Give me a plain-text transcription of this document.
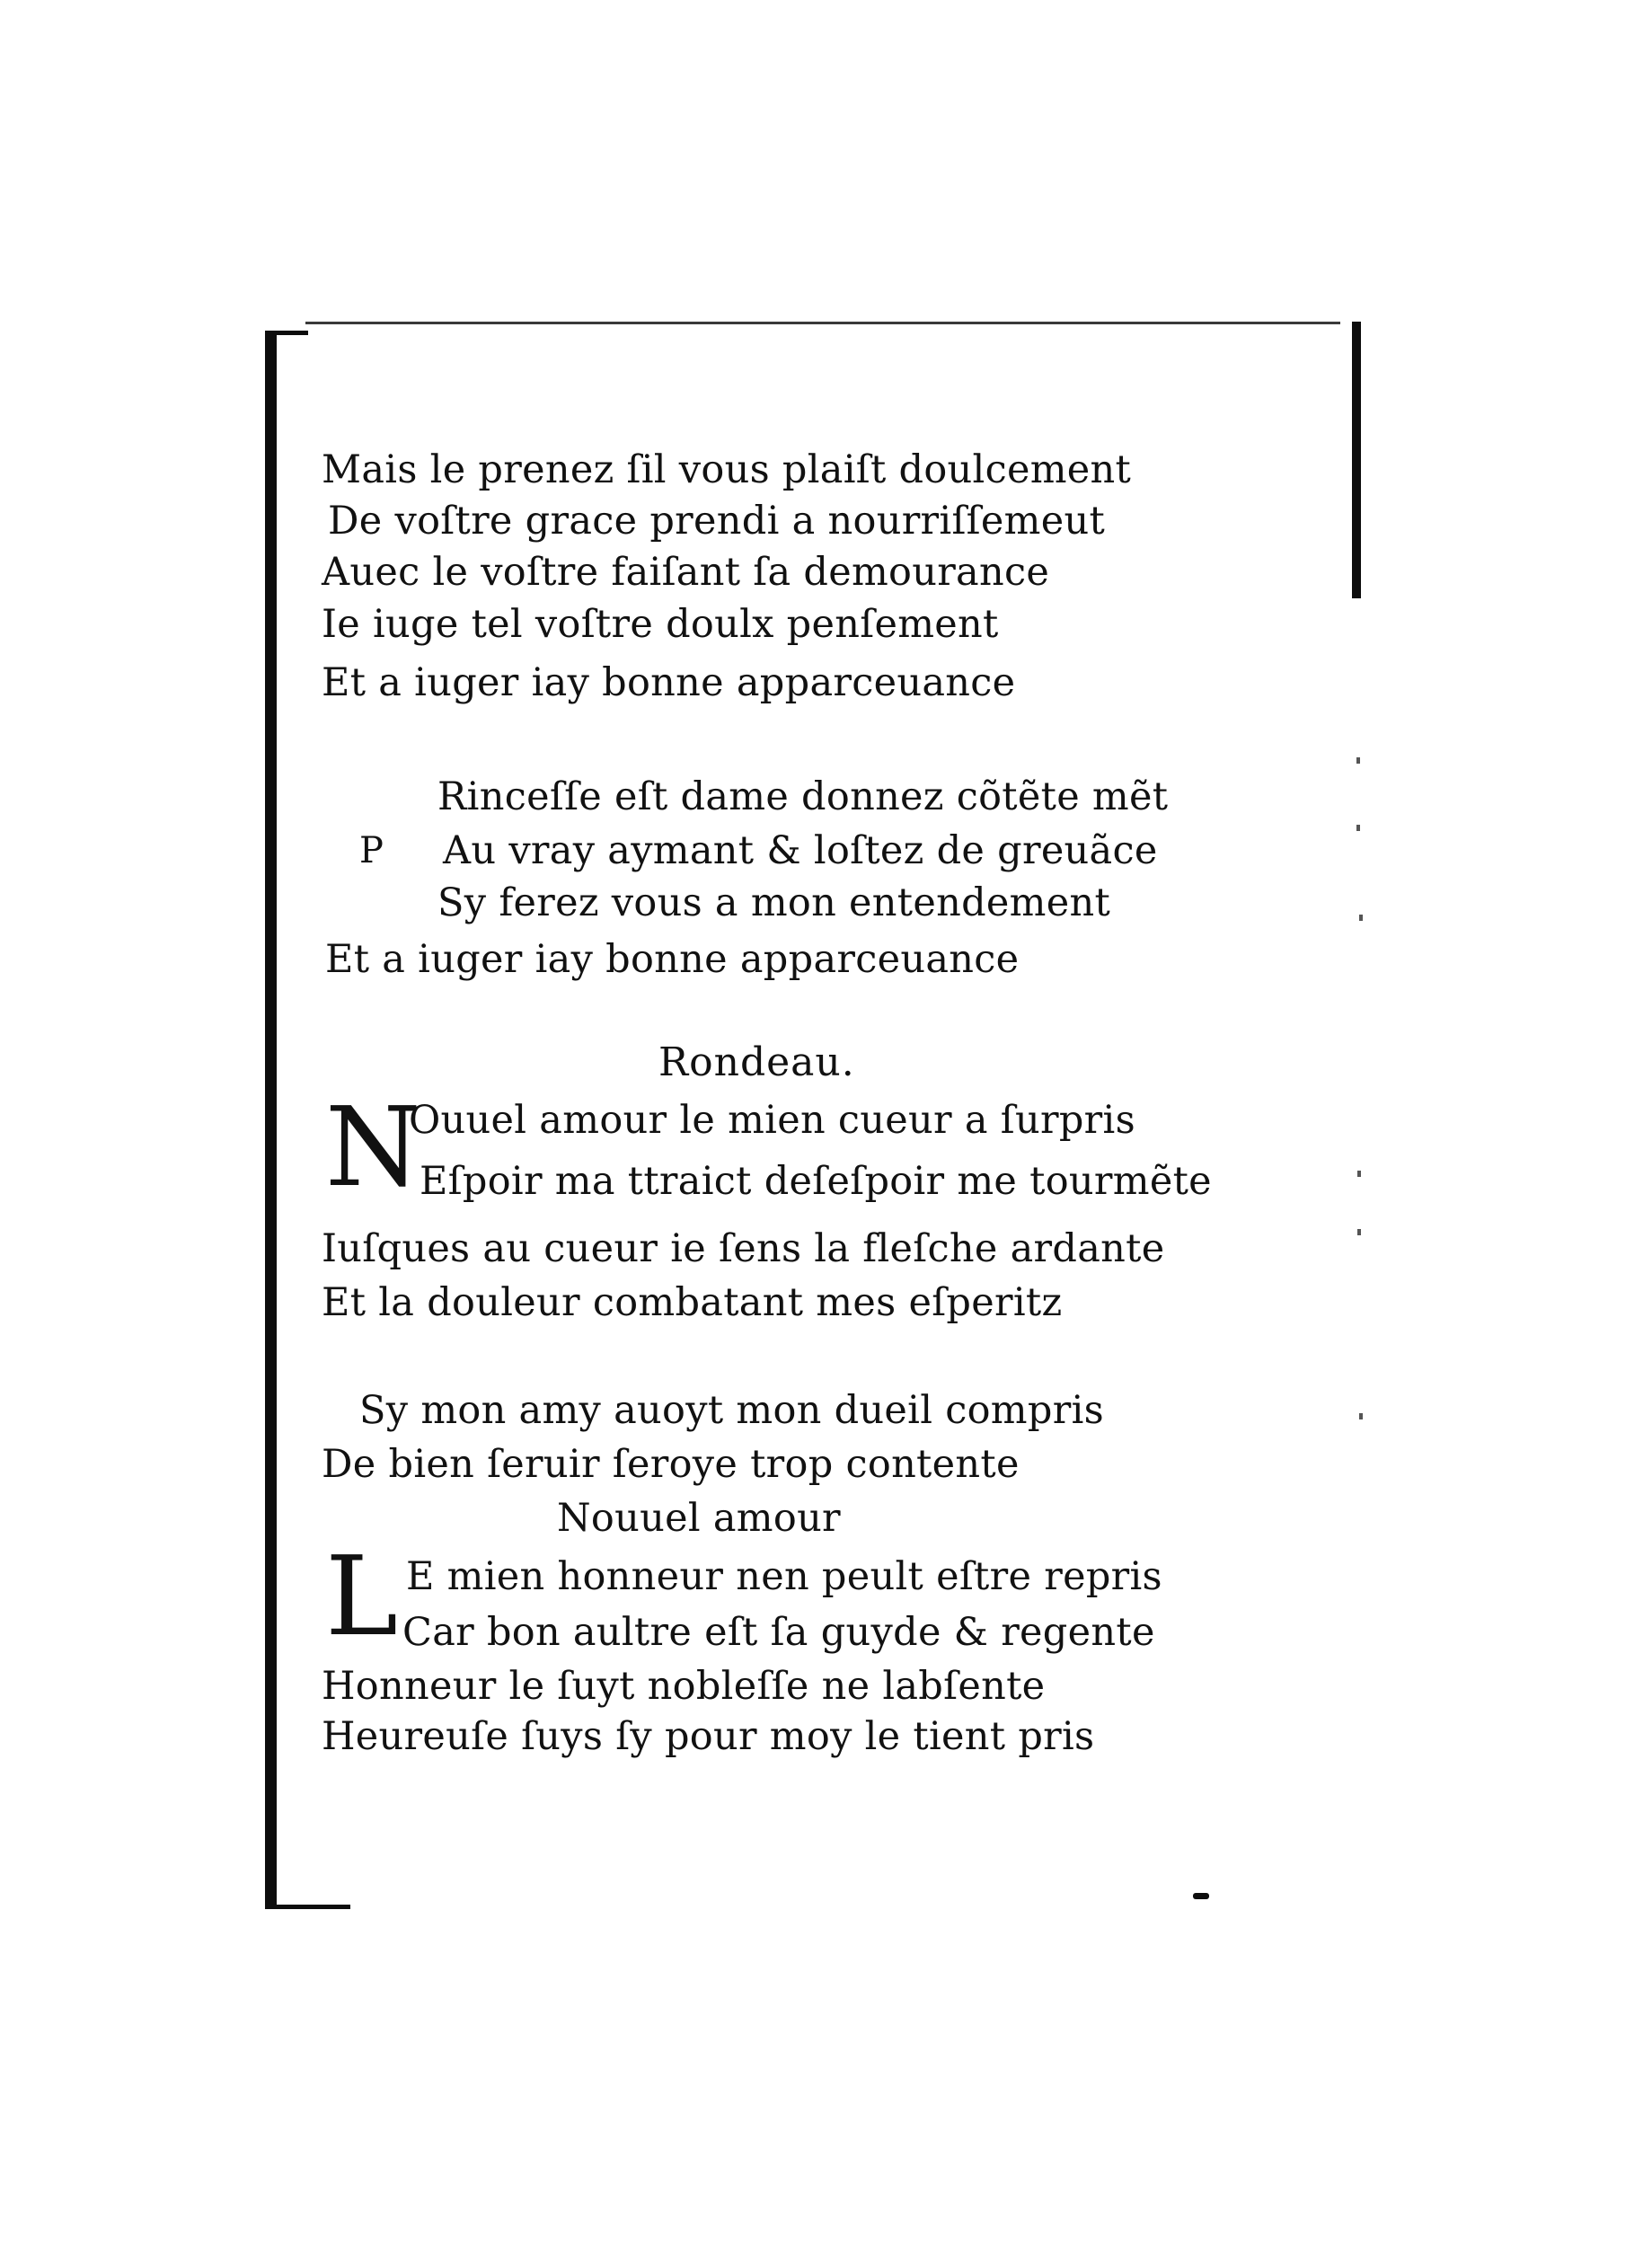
Mais le prenez ſil vous plaiſt doulcement
De voſtre grace prendi a nourriſſemeut
Auec le voſtre faiſant ſa demourance
Ie iuge tel voſtre doulx penſement
Et a iuger iay bonne apparceuance
P
Rinceſſe eſt dame donnez cõtẽte mẽt
Au vray aymant & loſtez de greuãce
Sy ferez vous a mon entendement
Et a iuger iay bonne apparceuance
Rondeau.
N
Ouuel amour le mien cueur a ſurpris
Eſpoir ma ttraict deſeſpoir me tourmẽte
Iuſques au cueur ie ſens la fleſche ardante
Et la douleur combatant mes eſperitz
Sy mon amy auoyt mon dueil compris
De bien ſeruir ſeroye trop contente
Nouuel amour
L E mien honneur nen peult eſtre repris
Car bon aultre eſt ſa guyde & regente
Honneur le ſuyt nobleſſe ne labſente
Heureuſe ſuys ſy pour moy le tient pris
